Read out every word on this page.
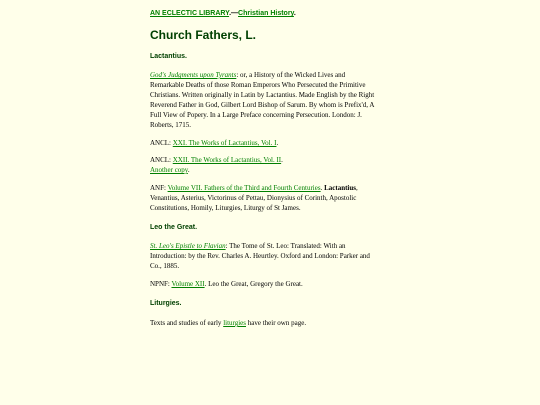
AN ECLECTIC LIBRARY.—Christian History.
Church Fathers, L.
Lactantius.
God's Judgments upon Tyrants: or, a History of the Wicked Lives and
Remarkable Deaths of those Roman Emperors Who Persecuted the Primitive
Christians. Written originally in Latin by Lactantius. Made English by the Right
Reverend Father in God, Gilbert Lord Bishop of Sarum. By whom is Prefix'd, A
Full View of Popery. In a Large Preface concerning Persecution. London: J.
Roberts, 1715.
ANCL: XXI. The Works of Lactantius, Vol. I.
ANCL: XXII. The Works of Lactantius, Vol. II.
Another copy.
ANF: Volume VII. Fathers of the Third and Fourth Centuries. Lactantius,
Venantius, Asterius, Victorinus of Pettau, Dionysius of Corinth, Apostolic
Constitutions, Homily, Liturgies, Liturgy of St James.
Leo the Great.
St. Leo's Epistle to Flavian: The Tome of St. Leo: Translated: With an
Introduction: by the Rev. Charles A. Heurtley. Oxford and London: Parker and
Co., 1885.
NPNF: Volume XII. Leo the Great, Gregory the Great.
Liturgies.
Texts and studies of early liturgies have their own page.
